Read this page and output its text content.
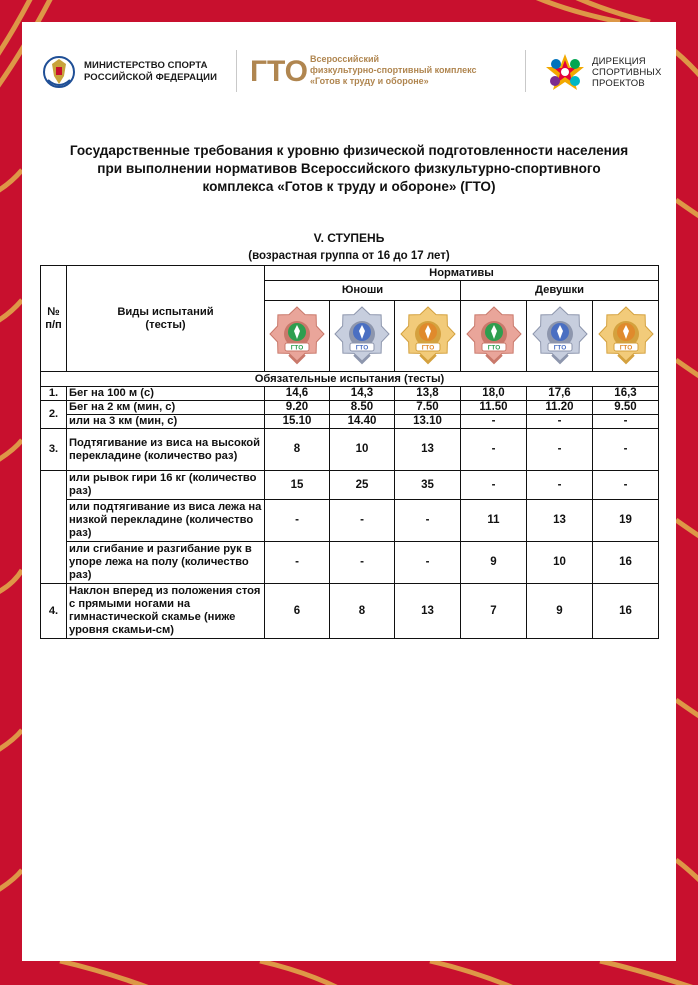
МИНИСТЕРСТВО СПОРТА
РОССИЙСКОЙ ФЕДЕРАЦИИ ГТО Всероссийский
физкультурно-спортивный комплекс
«Готов к труду и обороне»
ДИРЕКЦИЯ
СПОРТИВНЫХ
ПРОЕКТОВ
Государственные требования к уровню физической подготовленности населения
при выполнении нормативов Всероссийского физкультурно-спортивного
комплекса «Готов к труду и обороне» (ГТО)
V. СТУПЕНЬ
(возрастная группа от 16 до 17 лет)
№ п/п	Виды испытаний (тесты)	Нормативы					
		Юноши			Девушки		

ГТО	ГТО	ГТО	ГТО	ГТО	ГТО

Обязательные испытания (тесты)							
1.	Бег на 100 м (с)	14,6	14,3	13,8	18,0	17,6	16,3
2.	Бег на 2 км (мин, с)	9.20	8.50	7.50	11.50	11.20	9.50
	или на 3 км (мин, с)	15.10	14.40	13.10	-	-	-
3.	Подтягивание из виса на высокой перекладине (количество раз)	8	10	13	-	-	-
	или рывок гири 16 кг (количество раз)	15	25	35	-	-	-
	или подтягивание из виса лежа на низкой перекладине (количество раз)	-	-	-	11	13	19
	или сгибание и разгибание рук в упоре лежа на полу (количество раз)	-	-	-	9	10	16
4.	Наклон вперед из положения стоя с прямыми ногами на гимнастической скамье (ниже уровня скамьи-см)	6	8	13	7	9	16
